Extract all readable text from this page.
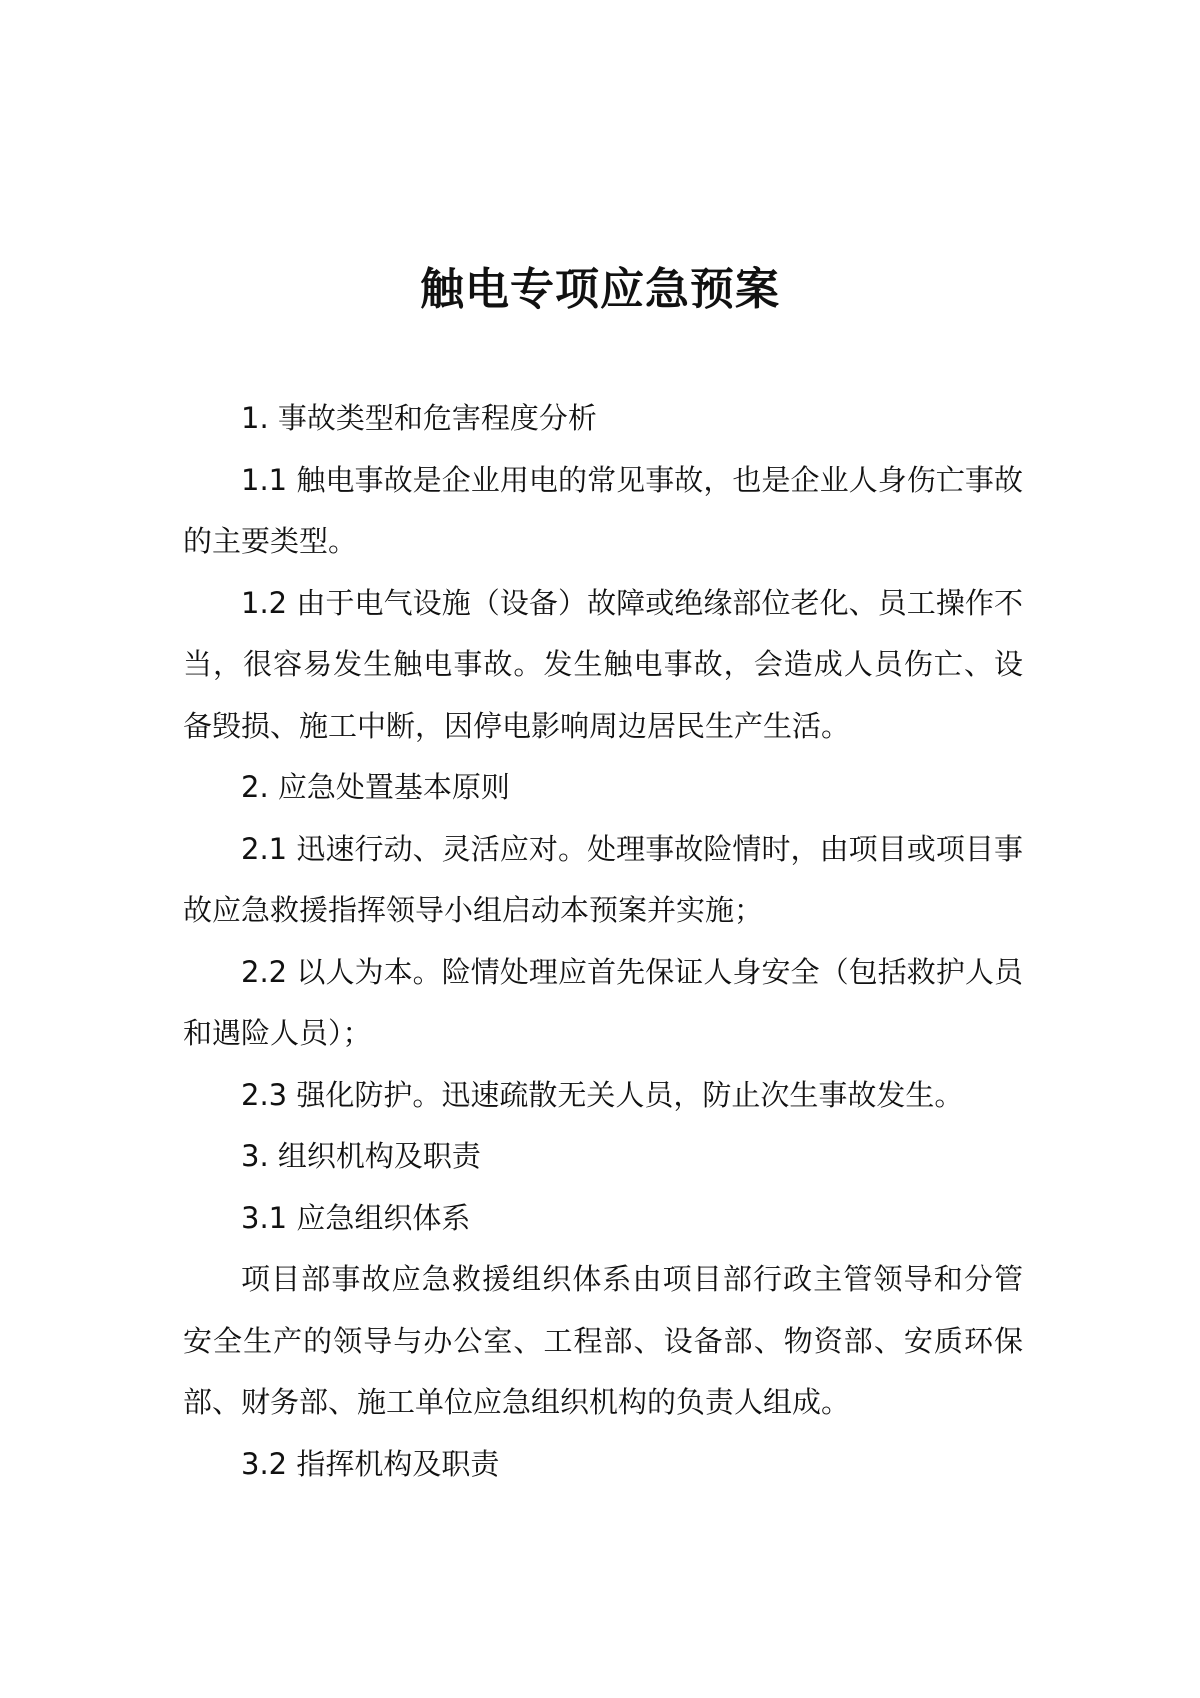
触电专项应急预案

1. 事故类型和危害程度分析

1.1 触电事故是企业用电的常见事故，也是企业人身伤亡事故的主要类型。

1.2 由于电气设施（设备）故障或绝缘部位老化、员工操作不当，很容易发生触电事故。发生触电事故，会造成人员伤亡、设备毁损、施工中断，因停电影响周边居民生产生活。

2. 应急处置基本原则

2.1 迅速行动、灵活应对。处理事故险情时，由项目或项目事故应急救援指挥领导小组启动本预案并实施；

2.2 以人为本。险情处理应首先保证人身安全（包括救护人员和遇险人员）；

2.3 强化防护。迅速疏散无关人员，防止次生事故发生。

3. 组织机构及职责

3.1 应急组织体系

项目部事故应急救援组织体系由项目部行政主管领导和分管安全生产的领导与办公室、工程部、设备部、物资部、安质环保部、财务部、施工单位应急组织机构的负责人组成。

3.2 指挥机构及职责
